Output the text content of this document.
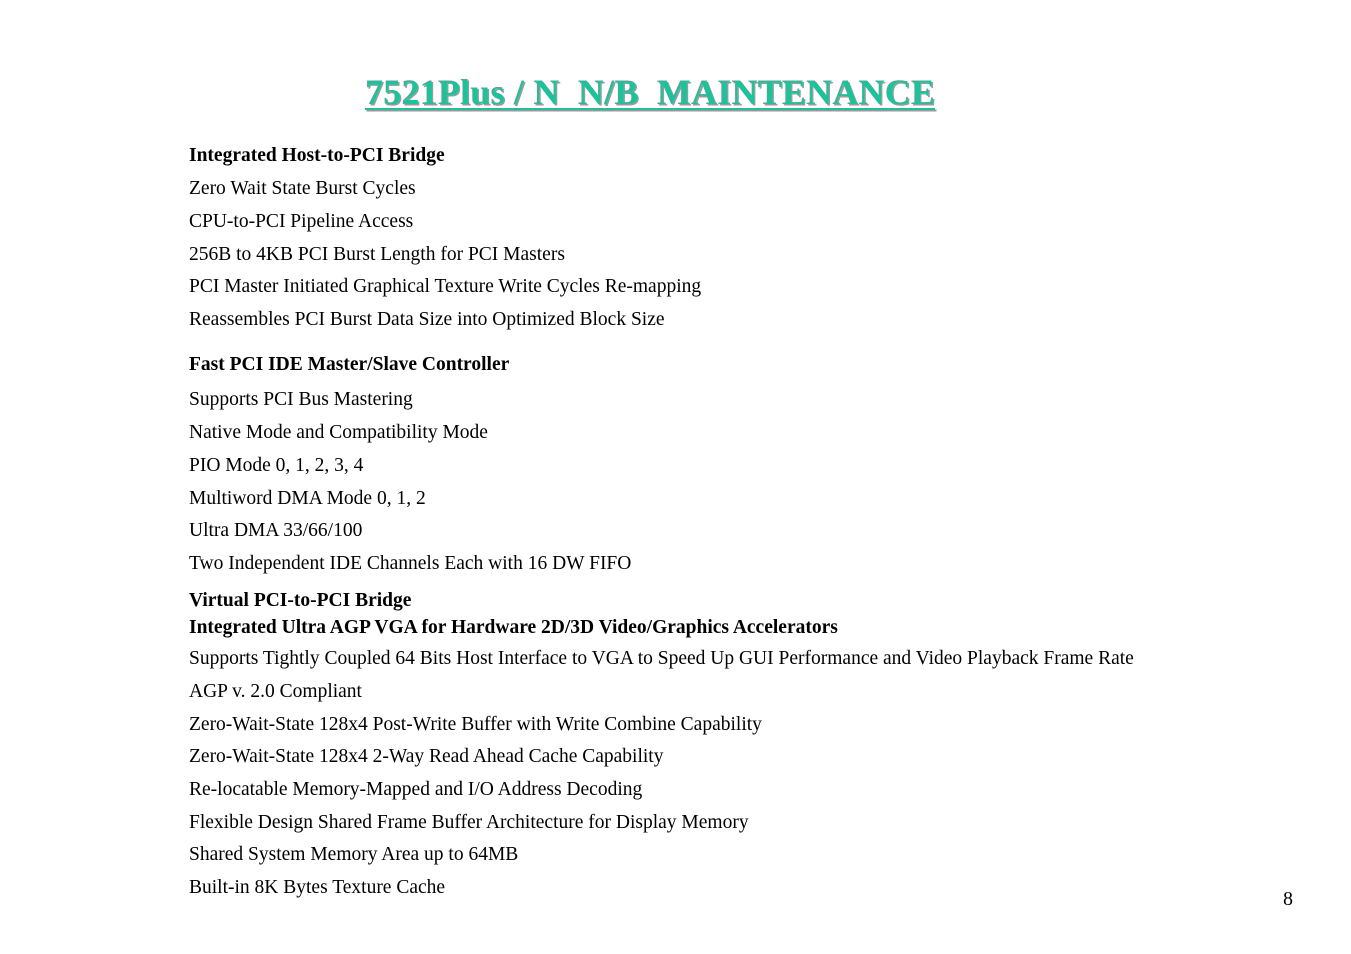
7521Plus / N  N/B  MAINTENANCE
Integrated Host-to-PCI Bridge
Zero Wait State Burst Cycles
CPU-to-PCI Pipeline Access
256B to 4KB PCI Burst Length for PCI Masters
PCI Master Initiated Graphical Texture Write Cycles Re-mapping
Reassembles PCI Burst Data Size into Optimized Block Size
Fast PCI IDE Master/Slave Controller
Supports PCI Bus Mastering
Native Mode and Compatibility Mode
PIO Mode 0, 1, 2, 3, 4
Multiword DMA Mode 0, 1, 2
Ultra DMA 33/66/100
Two Independent IDE Channels Each with 16 DW FIFO
Virtual PCI-to-PCI Bridge
Integrated Ultra AGP VGA for Hardware 2D/3D Video/Graphics Accelerators
Supports Tightly Coupled 64 Bits Host Interface to VGA to Speed Up GUI Performance and Video Playback Frame Rate
AGP v. 2.0 Compliant
Zero-Wait-State 128x4 Post-Write Buffer with Write Combine Capability
Zero-Wait-State 128x4 2-Way Read Ahead Cache Capability
Re-locatable Memory-Mapped and I/O Address Decoding
Flexible Design Shared Frame Buffer Architecture for Display Memory
Shared System Memory Area up to 64MB
Built-in 8K Bytes Texture Cache
8
